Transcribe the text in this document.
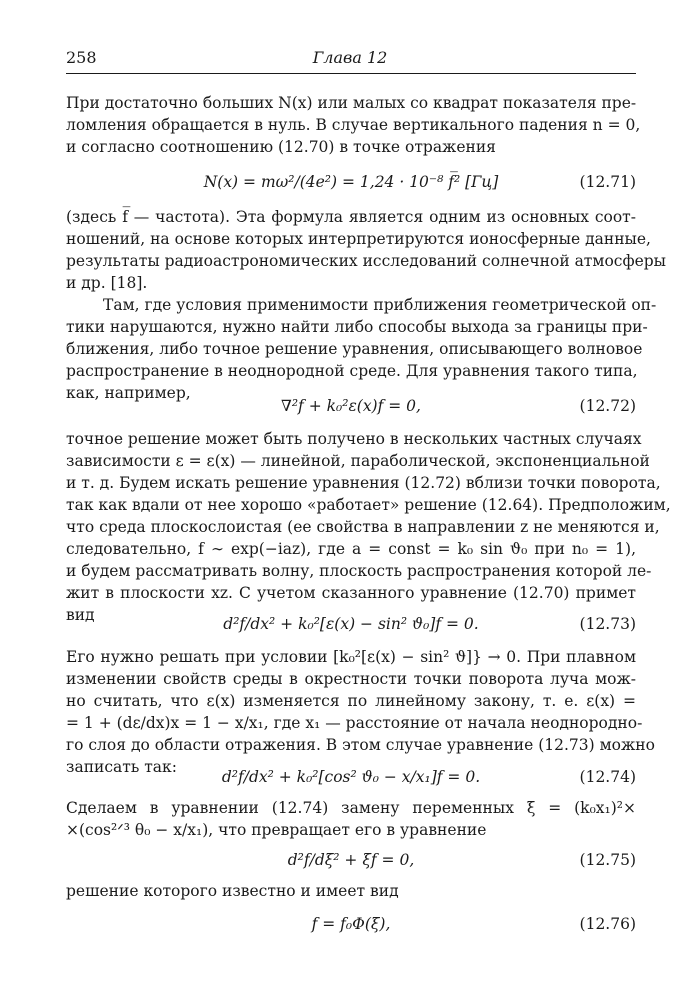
258	Глава 12
При достаточно больших N(x) или малых со квадрат показателя пре-
ломления обращается в нуль. В случае вертикального падения n = 0,
и согласно соотношению (12.70) в точке отражения
N(x) = mω²/(4e²) = 1,24 · 10⁻⁸ f̅² [Гц]	(12.71)
(здесь f̅ — частота). Эта формула является одним из основных соот-
ношений, на основе которых интерпретируются ионосферные данные,
результаты радиоастрономических исследований солнечной атмосферы
и др. [18].
Там, где условия применимости приближения геометрической оп-
тики нарушаются, нужно найти либо способы выхода за границы при-
ближения, либо точное решение уравнения, описывающего волновое
распространение в неоднородной среде. Для уравнения такого типа,
как, например,
∇²f + k₀²ε(x)f = 0,	(12.72)
точное решение может быть получено в нескольких частных случаях
зависимости ε = ε(x) — линейной, параболической, экспоненциальной
и т. д. Будем искать решение уравнения (12.72) вблизи точки поворота,
так как вдали от нее хорошо «работает» решение (12.64). Предположим,
что среда плоскослоистая (ее свойства в направлении z не меняются и,
следовательно, f ∼ exp(−iaz), где a = const = k₀ sin ϑ₀ при n₀ = 1),
и будем рассматривать волну, плоскость распространения которой ле-
жит в плоскости xz. С учетом сказанного уравнение (12.70) примет
вид	d²f/dx² + k₀²[ε(x) − sin² ϑ₀]f = 0.	(12.73)
Его нужно решать при условии [k₀²[ε(x) − sin² ϑ]} → 0. При плавном
изменении свойств среды в окрестности точки поворота луча мож-
но считать, что ε(x) изменяется по линейному закону, т. е. ε(x) =
= 1 + (dε/dx)x = 1 − x/x₁, где x₁ — расстояние от начала неоднородно-
го слоя до области отражения. В этом случае уравнение (12.73) можно
записать так:
d²f/dx² + k₀²[cos² ϑ₀ − x/x₁]f = 0.	(12.74)
Сделаем в уравнении (12.74) замену переменных ξ = (k₀x₁)²×
×(cos²ᐟ³ θ₀ − x/x₁), что превращает его в уравнение
d²f/dξ² + ξf = 0,	(12.75)
решение которого известно и имеет вид
f = f₀Φ(ξ),	(12.76)
